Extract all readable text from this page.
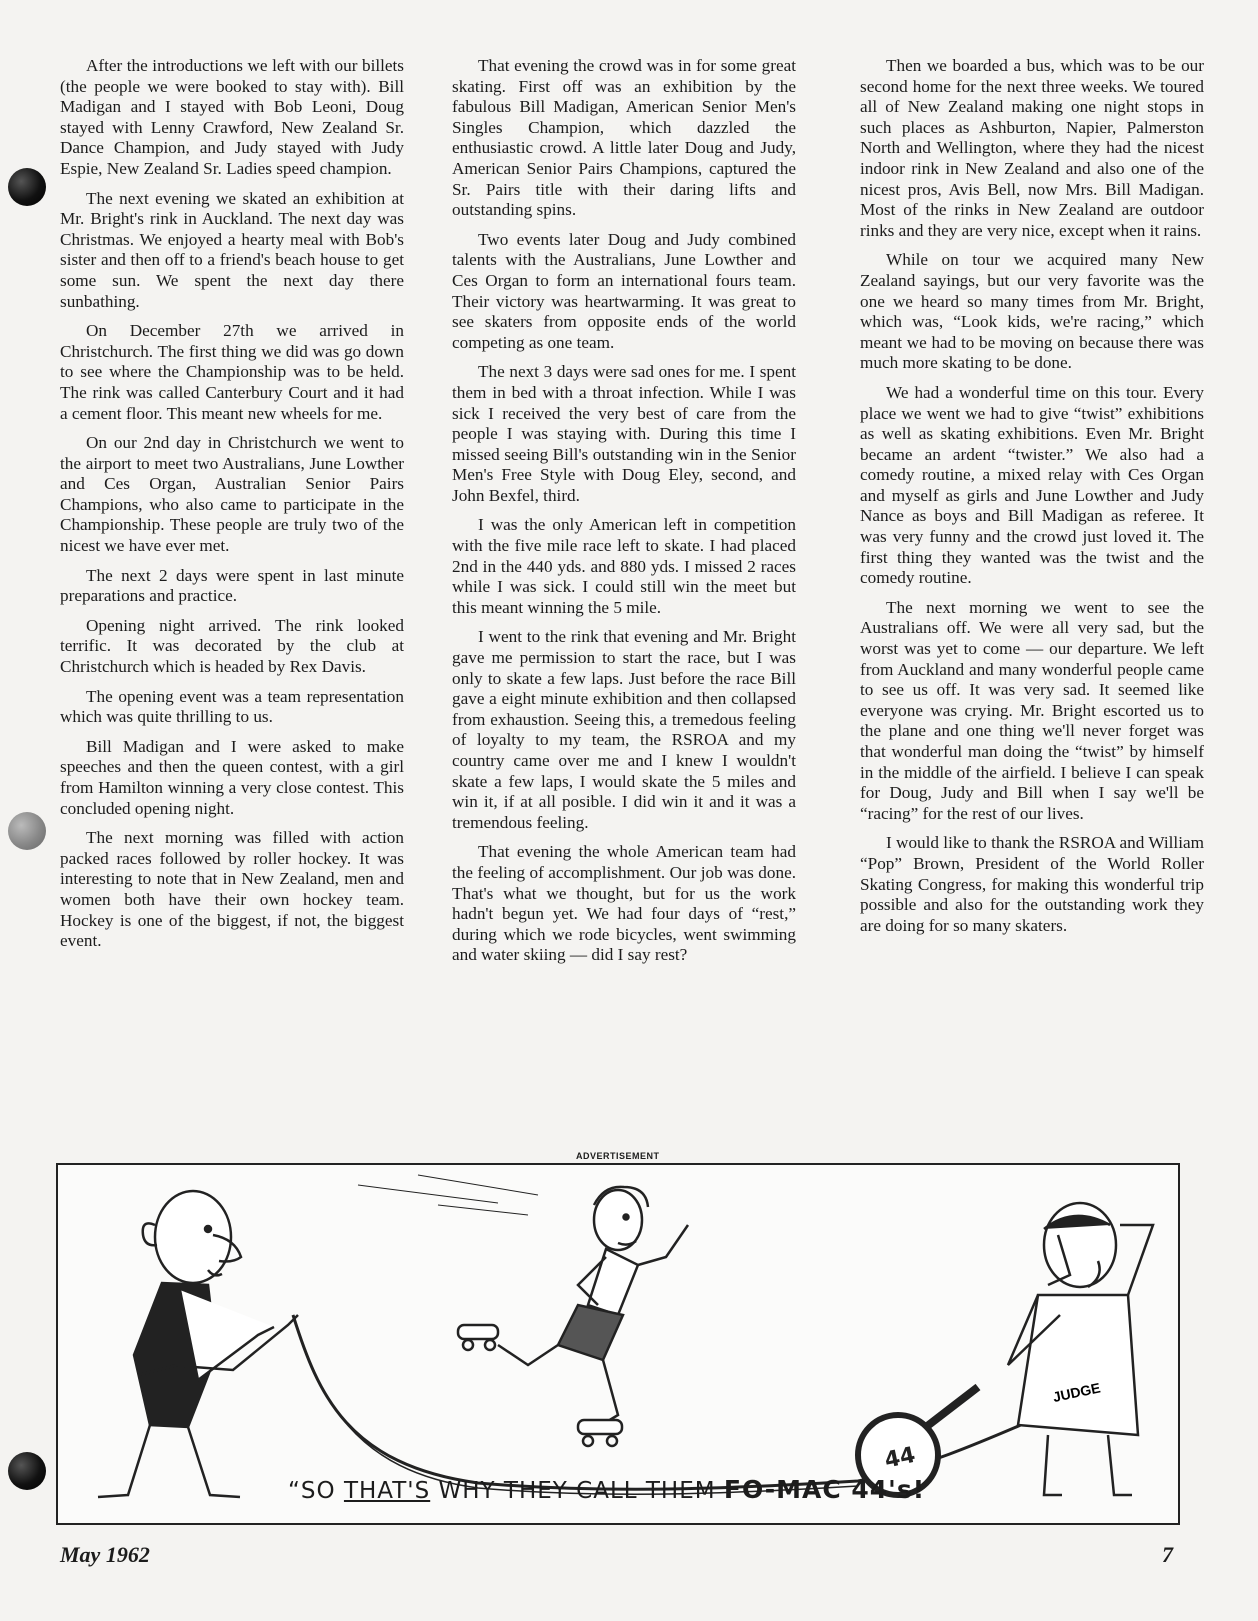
After the introductions we left with our billets (the people we were booked to stay with). Bill Madigan and I stayed with Bob Leoni, Doug stayed with Lenny Crawford, New Zealand Sr. Dance Champion, and Judy stayed with Judy Espie, New Zealand Sr. Ladies speed champion.

The next evening we skated an exhibition at Mr. Bright's rink in Auckland. The next day was Christmas. We enjoyed a hearty meal with Bob's sister and then off to a friend's beach house to get some sun. We spent the next day there sunbathing.

On December 27th we arrived in Christchurch. The first thing we did was go down to see where the Championship was to be held. The rink was called Canterbury Court and it had a cement floor. This meant new wheels for me.

On our 2nd day in Christchurch we went to the airport to meet two Australians, June Lowther and Ces Organ, Australian Senior Pairs Champions, who also came to participate in the Championship. These people are truly two of the nicest we have ever met.

The next 2 days were spent in last minute preparations and practice.

Opening night arrived. The rink looked terrific. It was decorated by the club at Christchurch which is headed by Rex Davis.

The opening event was a team representation which was quite thrilling to us.

Bill Madigan and I were asked to make speeches and then the queen contest, with a girl from Hamilton winning a very close contest. This concluded opening night.

The next morning was filled with action packed races followed by roller hockey. It was interesting to note that in New Zealand, men and women both have their own hockey team. Hockey is one of the biggest, if not, the biggest event.

That evening the crowd was in for some great skating. First off was an exhibition by the fabulous Bill Madigan, American Senior Men's Singles Champion, which dazzled the enthusiastic crowd. A little later Doug and Judy, American Senior Pairs Champions, captured the Sr. Pairs title with their daring lifts and outstanding spins.

Two events later Doug and Judy combined talents with the Australians, June Lowther and Ces Organ to form an international fours team. Their victory was heartwarming. It was great to see skaters from opposite ends of the world competing as one team.

The next 3 days were sad ones for me. I spent them in bed with a throat infection. While I was sick I received the very best of care from the people I was staying with. During this time I missed seeing Bill's outstanding win in the Senior Men's Free Style with Doug Eley, second, and John Bexfel, third.

I was the only American left in competition with the five mile race left to skate. I had placed 2nd in the 440 yds. and 880 yds. I missed 2 races while I was sick. I could still win the meet but this meant winning the 5 mile.

I went to the rink that evening and Mr. Bright gave me permission to start the race, but I was only to skate a few laps. Just before the race Bill gave a eight minute exhibition and then collapsed from exhaustion. Seeing this, a tremedous feeling of loyalty to my team, the RSROA and my country came over me and I knew I wouldn't skate a few laps, I would skate the 5 miles and win it, if at all posible. I did win it and it was a tremendous feeling.

That evening the whole American team had the feeling of accomplishment. Our job was done. That's what we thought, but for us the work hadn't begun yet. We had four days of “rest,” during which we rode bicycles, went swimming and water skiing — did I say rest?

Then we boarded a bus, which was to be our second home for the next three weeks. We toured all of New Zealand making one night stops in such places as Ashburton, Napier, Palmerston North and Wellington, where they had the nicest indoor rink in New Zealand and also one of the nicest pros, Avis Bell, now Mrs. Bill Madigan. Most of the rinks in New Zealand are outdoor rinks and they are very nice, except when it rains.

While on tour we acquired many New Zealand sayings, but our very favorite was the one we heard so many times from Mr. Bright, which was, “Look kids, we're racing,” which meant we had to be moving on because there was much more skating to be done.

We had a wonderful time on this tour. Every place we went we had to give “twist” exhibitions as well as skating exhibitions. Even Mr. Bright became an ardent “twister.” We also had a comedy routine, a mixed relay with Ces Organ and myself as girls and June Lowther and Judy Nance as boys and Bill Madigan as referee. It was very funny and the crowd just loved it. The first thing they wanted was the twist and the comedy routine.

The next morning we went to see the Australians off. We were all very sad, but the worst was yet to come — our departure. We left from Auckland and many wonderful people came to see us off. It was very sad. It seemed like everyone was crying. Mr. Bright escorted us to the plane and one thing we'll never forget was that wonderful man doing the “twist” by himself in the middle of the airfield. I believe I can speak for Doug, Judy and Bill when I say we'll be “racing” for the rest of our lives.

I would like to thank the RSROA and William “Pop” Brown, President of the World Roller Skating Congress, for making this wonderful trip possible and also for the outstanding work they are doing for so many skaters.

ADVERTISEMENT
JUDGE
44
“SO THAT'S WHY THEY CALL THEM FO-MAC 44's!
May 1962	7
